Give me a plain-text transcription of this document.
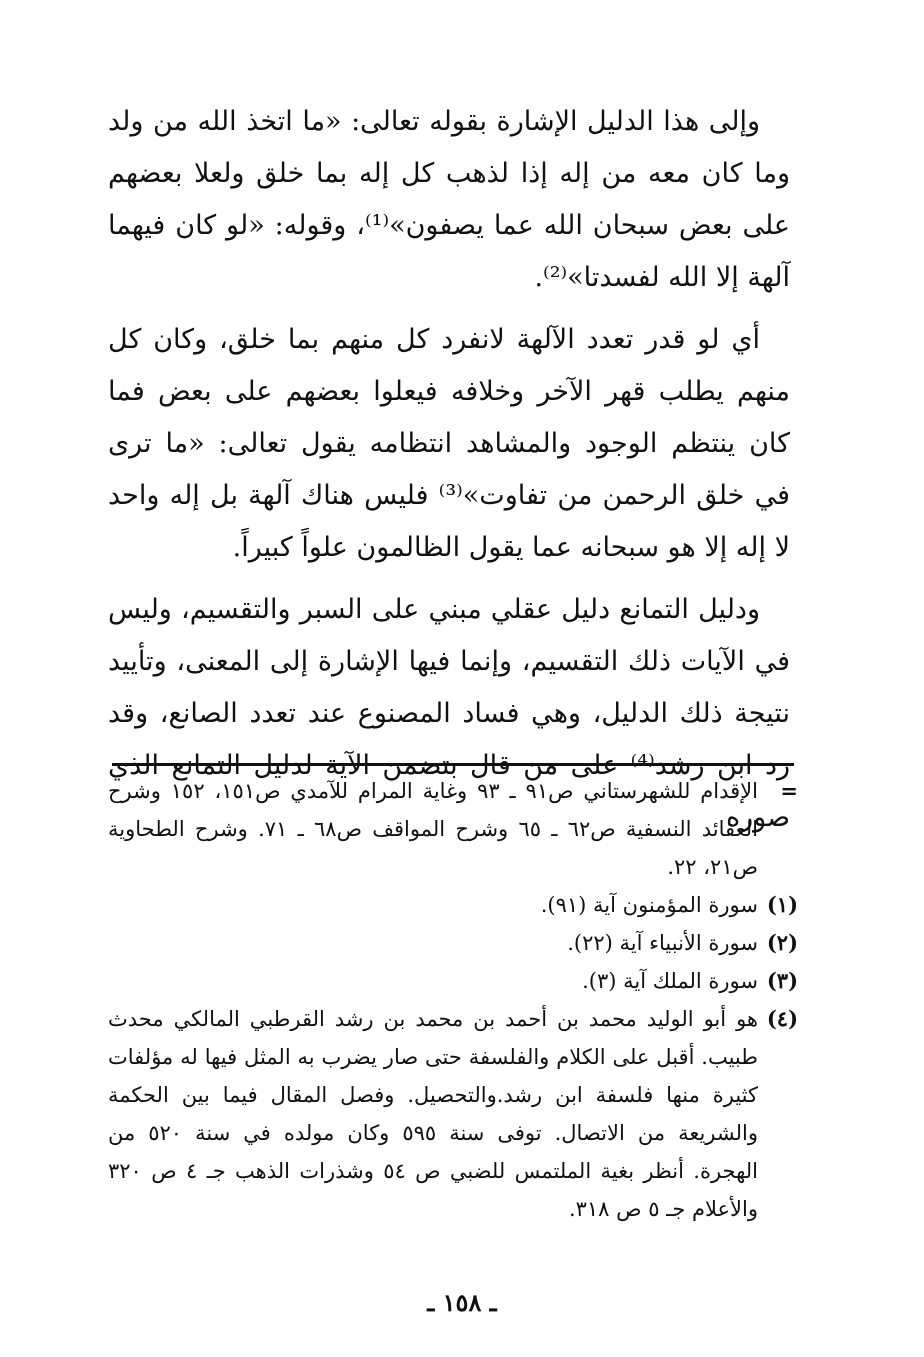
وإلى هذا الدليل الإشارة بقوله تعالى: «ما اتخذ الله من ولد وما كان معه من إله إذا لذهب كل إله بما خلق ولعلا بعضهم على بعض سبحان الله عما يصفون»⁽¹⁾، وقوله: «لو كان فيهما آلهة إلا الله لفسدتا»⁽²⁾.

أي لو قدر تعدد الآلهة لانفرد كل منهم بما خلق، وكان كل منهم يطلب قهر الآخر وخلافه فيعلوا بعضهم على بعض فما كان ينتظم الوجود والمشاهد انتظامه يقول تعالى: «ما ترى في خلق الرحمن من تفاوت»⁽³⁾ فليس هناك آلهة بل إله واحد لا إله إلا هو سبحانه عما يقول الظالمون علواً كبيراً.

ودليل التمانع دليل عقلي مبني على السبر والتقسيم، وليس في الآيات ذلك التقسيم، وإنما فيها الإشارة إلى المعنى، وتأييد نتيجة ذلك الدليل، وهي فساد المصنوع عند تعدد الصانع، وقد رد ابن رشد⁽⁴⁾ على من قال بتضمن الآية لدليل التمانع الذي صوره

=
الإقدام للشهرستاني ص٩١ ـ ٩٣ وغاية المرام للآمدي ص١٥١، ١٥٢ وشرح العقائد النسفية ص٦٢ ـ ٦٥ وشرح المواقف ص٦٨ ـ ٧١. وشرح الطحاوية ص٢١، ٢٢.
(١)
سورة المؤمنون آية (٩١).
(٢)
سورة الأنبياء آية (٢٢).
(٣)
سورة الملك آية (٣).
(٤)
هو أبو الوليد محمد بن أحمد بن محمد بن رشد القرطبي المالكي محدث طبيب. أقبل على الكلام والفلسفة حتى صار يضرب به المثل فيها له مؤلفات كثيرة منها فلسفة ابن رشد.والتحصيل. وفصل المقال فيما بين الحكمة والشريعة من الاتصال. توفى سنة ٥٩٥ وكان مولده في سنة ٥٢٠ من الهجرة. أنظر بغية الملتمس للضبي ص ٥٤ وشذرات الذهب جـ ٤ ص ٣٢٠ والأعلام جـ ٥ ص ٣١٨.
ـ ١٥٨ ـ
